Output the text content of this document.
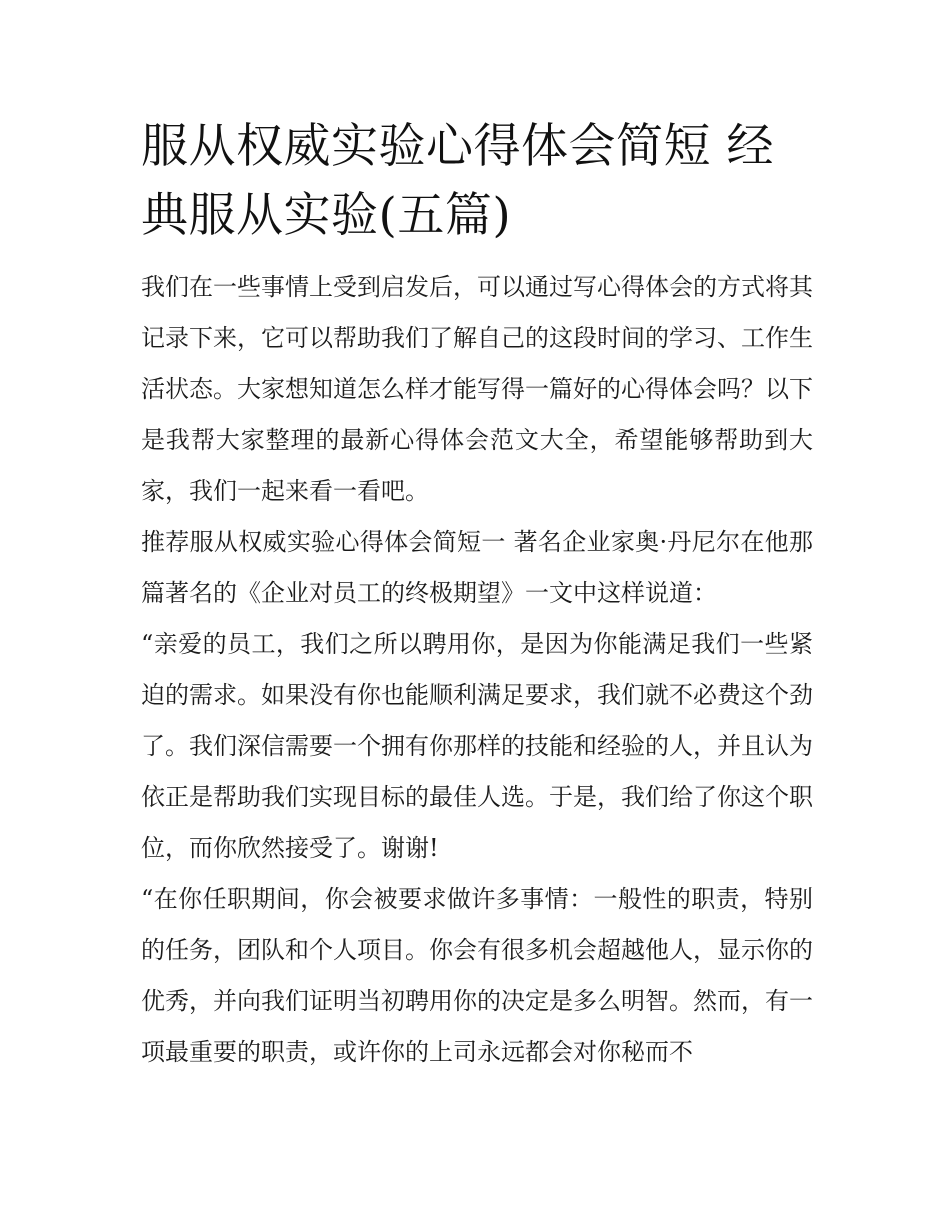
服从权威实验心得体会简短 经典服从实验(五篇)

我们在一些事情上受到启发后，可以通过写心得体会的方式将其记录下来，它可以帮助我们了解自己的这段时间的学习、工作生活状态。大家想知道怎么样才能写得一篇好的心得体会吗？以下是我帮大家整理的最新心得体会范文大全，希望能够帮助到大家，我们一起来看一看吧。

推荐服从权威实验心得体会简短一 著名企业家奥·丹尼尔在他那篇著名的《企业对员工的终极期望》一文中这样说道：

“亲爱的员工，我们之所以聘用你，是因为你能满足我们一些紧迫的需求。如果没有你也能顺利满足要求，我们就不必费这个劲了。我们深信需要一个拥有你那样的技能和经验的人，并且认为依正是帮助我们实现目标的最佳人选。于是，我们给了你这个职位，而你欣然接受了。谢谢!

“在你任职期间，你会被要求做许多事情：一般性的职责，特别的任务，团队和个人项目。你会有很多机会超越他人，显示你的优秀，并向我们证明当初聘用你的决定是多么明智。然而，有一项最重要的职责，或许你的上司永远都会对你秘而不
